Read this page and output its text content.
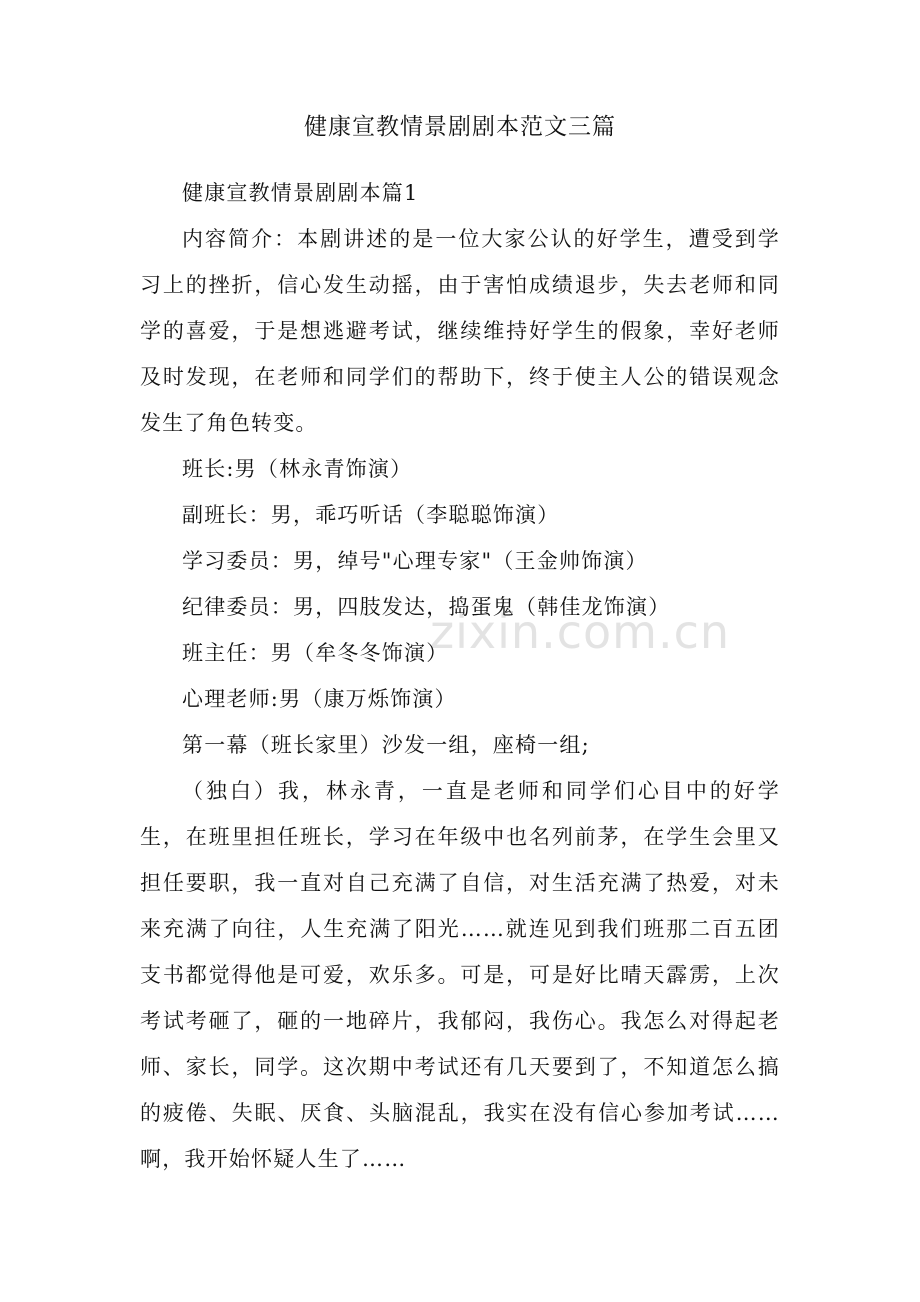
zixin.com.cn
健康宣教情景剧剧本范文三篇

健康宣教情景剧剧本篇1

内容简介：本剧讲述的是一位大家公认的好学生，遭受到学习上的挫折，信心发生动摇，由于害怕成绩退步，失去老师和同学的喜爱，于是想逃避考试，继续维持好学生的假象，幸好老师及时发现，在老师和同学们的帮助下，终于使主人公的错误观念发生了角色转变。

班长:男（林永青饰演）

副班长：男，乖巧听话（李聪聪饰演）

学习委员：男，绰号"心理专家"（王金帅饰演）

纪律委员：男，四肢发达，捣蛋鬼（韩佳龙饰演）

班主任：男（牟冬冬饰演）

心理老师:男（康万烁饰演）

第一幕（班长家里）沙发一组，座椅一组;

（独白）我，林永青，一直是老师和同学们心目中的好学生，在班里担任班长，学习在年级中也名列前茅，在学生会里又担任要职，我一直对自己充满了自信，对生活充满了热爱，对未来充满了向往，人生充满了阳光……就连见到我们班那二百五团支书都觉得他是可爱，欢乐多。可是，可是好比晴天霹雳，上次考试考砸了，砸的一地碎片，我郁闷，我伤心。我怎么对得起老师、家长，同学。这次期中考试还有几天要到了，不知道怎么搞的疲倦、失眠、厌食、头脑混乱，我实在没有信心参加考试……啊，我开始怀疑人生了……
